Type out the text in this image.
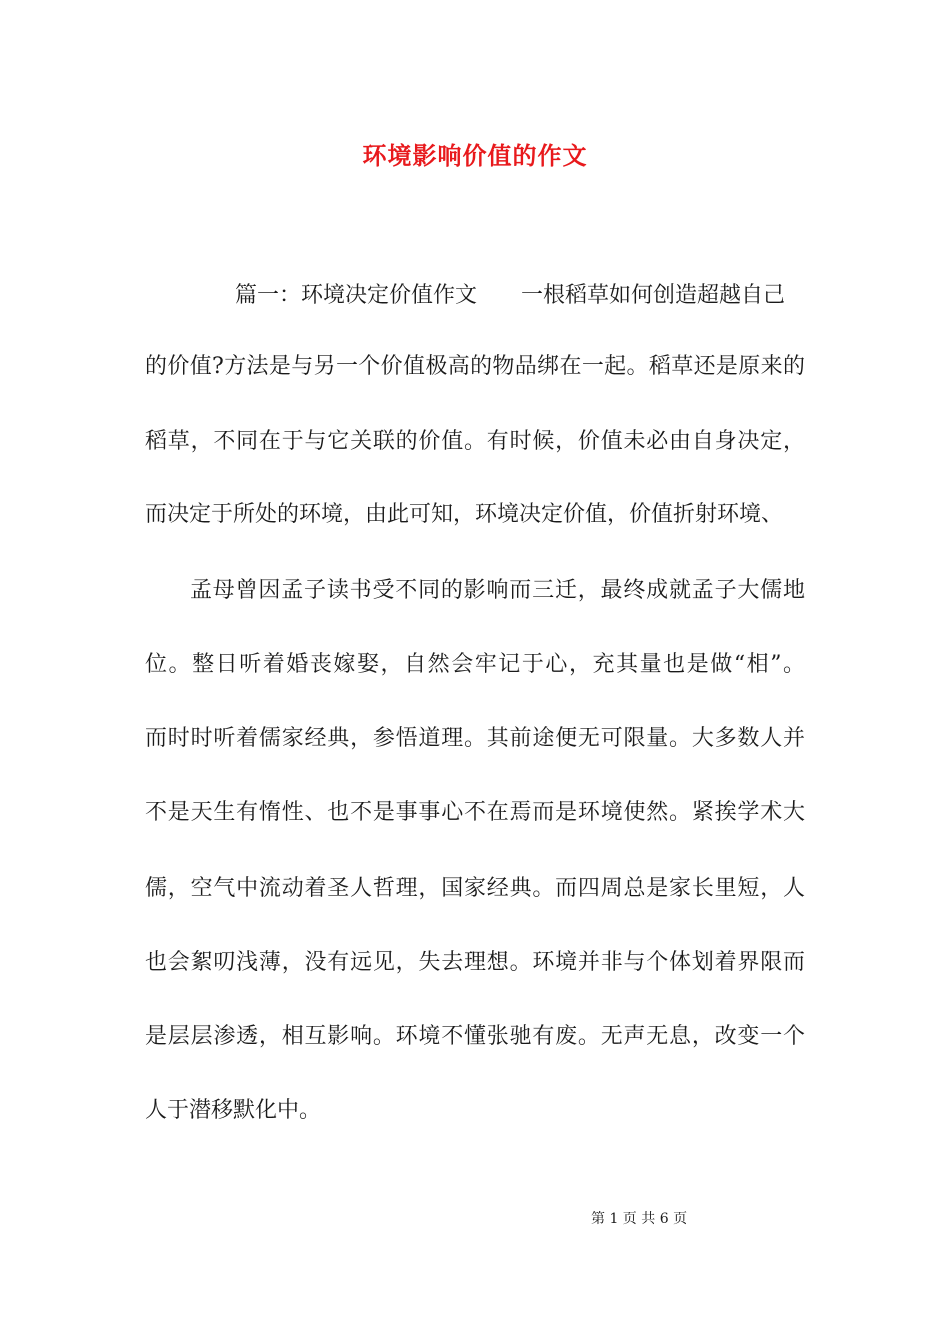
环境影响价值的作文
篇一：环境决定价值作文　　一根稻草如何创造超越自己
的价值?方法是与另一个价值极高的物品绑在一起。稻草还是原来的
稻草，不同在于与它关联的价值。有时候，价值未必由自身决定，
而决定于所处的环境，由此可知，环境决定价值，价值折射环境、
孟母曾因孟子读书受不同的影响而三迁，最终成就孟子大儒地
位。整日听着婚丧嫁娶，自然会牢记于心，充其量也是做“相”。
而时时听着儒家经典，参悟道理。其前途便无可限量。大多数人并
不是天生有惰性、也不是事事心不在焉而是环境使然。紧挨学术大
儒，空气中流动着圣人哲理，国家经典。而四周总是家长里短，人
也会絮叨浅薄，没有远见，失去理想。环境并非与个体划着界限而
是层层渗透，相互影响。环境不懂张驰有废。无声无息，改变一个
人于潜移默化中。
第 1 页 共 6 页
